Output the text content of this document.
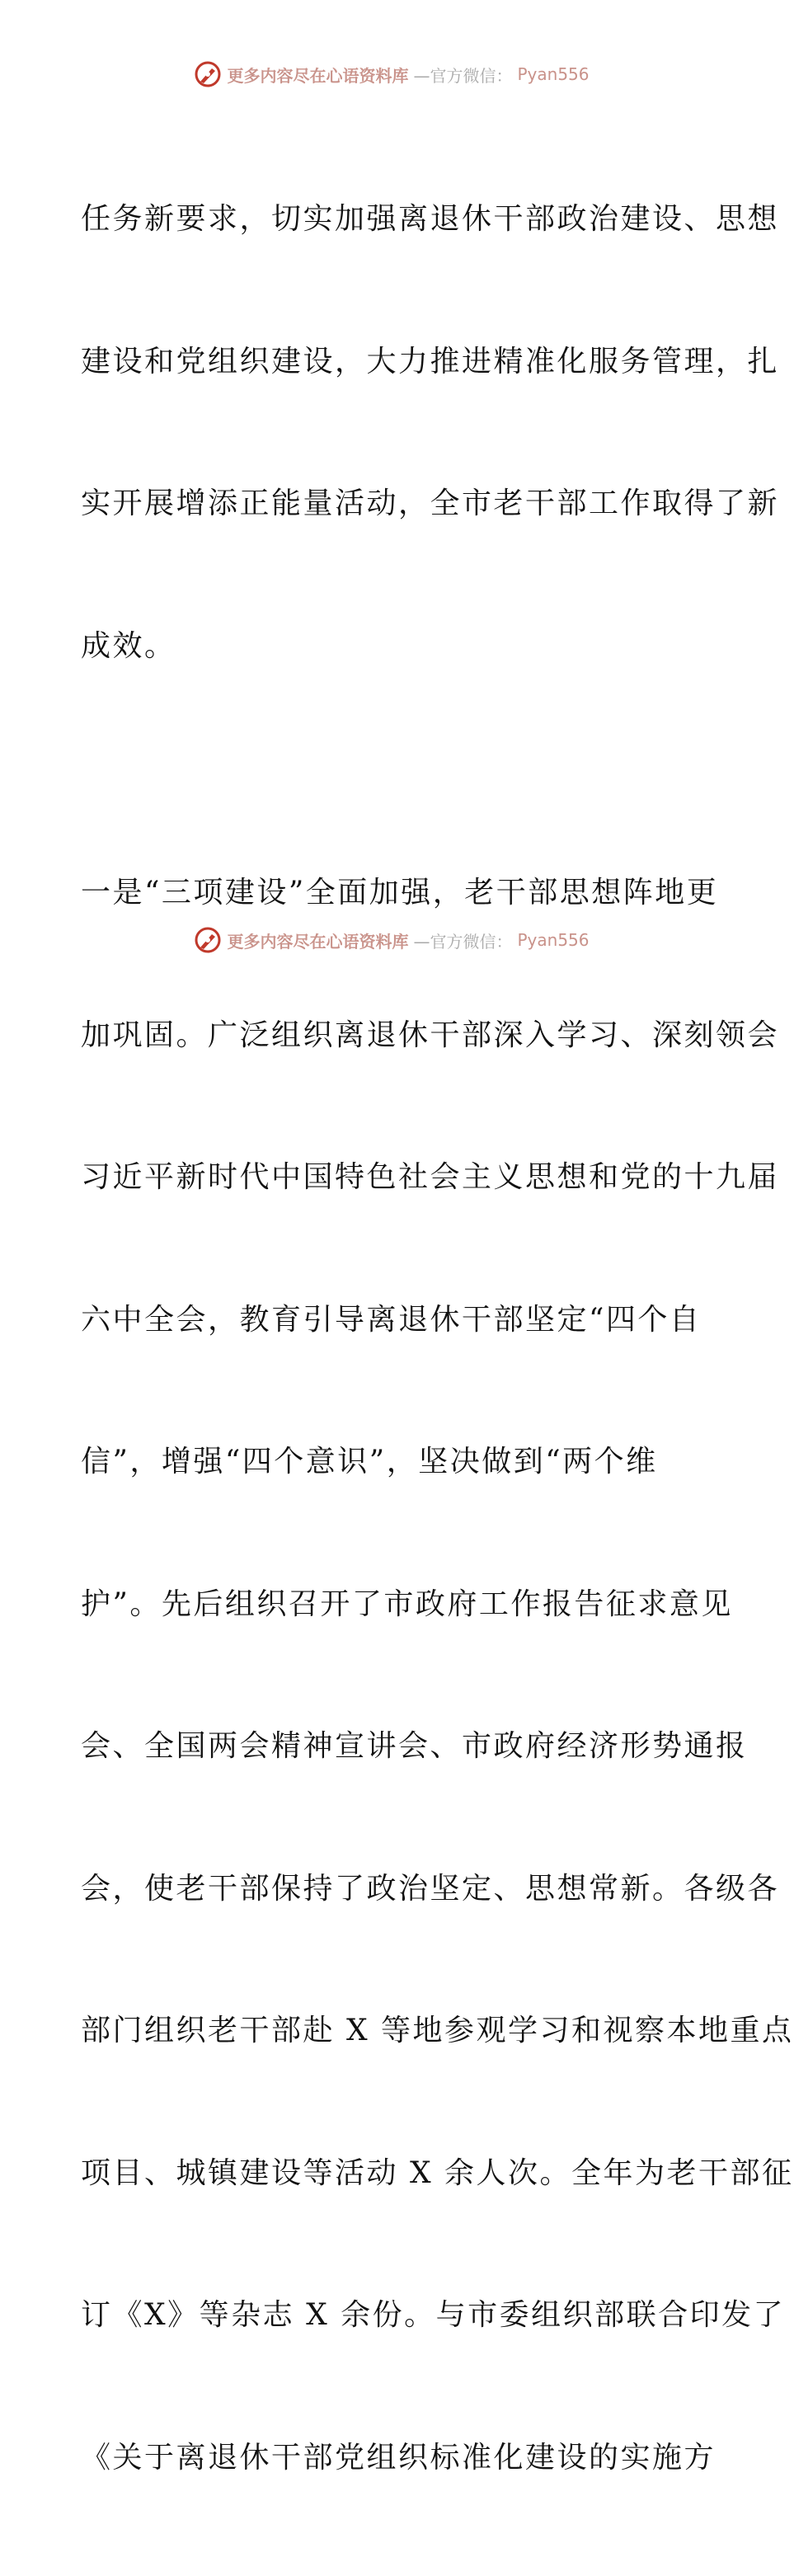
更多内容尽在心语资料库 —官方微信： Pyan556

任务新要求，切实加强离退休干部政治建设、思想

建设和党组织建设，大力推进精准化服务管理，扎

实开展增添正能量活动，全市老干部工作取得了新

成效。

一是“三项建设”全面加强，老干部思想阵地更

加巩固。广泛组织离退休干部深入学习、深刻领会

习近平新时代中国特色社会主义思想和党的十九届

六中全会，教育引导离退休干部坚定“四个自

信”，增强“四个意识”，坚决做到“两个维

护”。先后组织召开了市政府工作报告征求意见

会、全国两会精神宣讲会、市政府经济形势通报

会，使老干部保持了政治坚定、思想常新。各级各

部门组织老干部赴 X 等地参观学习和视察本地重点

项目、城镇建设等活动 X 余人次。全年为老干部征

订《X》等杂志 X 余份。与市委组织部联合印发了

《关于离退休干部党组织标准化建设的实施方

更多内容尽在心语资料库 —官方微信： Pyan556
